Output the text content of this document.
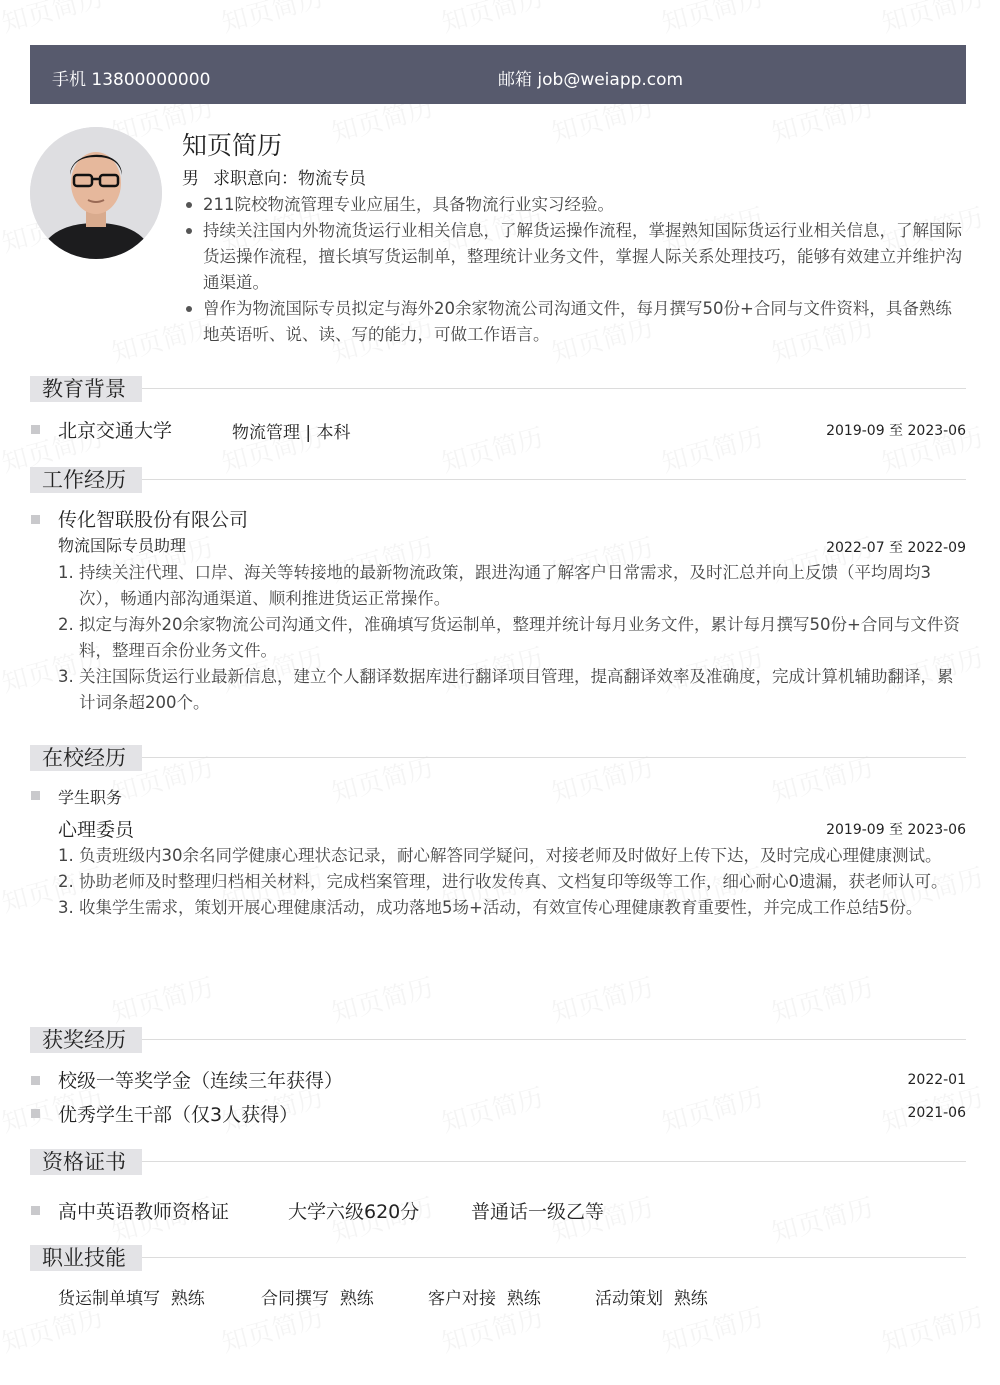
手机 13800000000	邮箱 job@weiapp.com
知页简历
男 求职意向：物流专员
211院校物流管理专业应届生，具备物流行业实习经验。
持续关注国内外物流货运行业相关信息，了解货运操作流程，掌握熟知国际货运行业相关信息，了解国际货运操作流程，擅长填写货运制单，整理统计业务文件，掌握人际关系处理技巧，能够有效建立并维护沟通渠道。
曾作为物流国际专员拟定与海外20余家物流公司沟通文件，每月撰写50份+合同与文件资料，具备熟练地英语听、说、读、写的能力，可做工作语言。
教育背景
北京交通大学	物流管理 | 本科	2019-09 至 2023-06
工作经历
传化智联股份有限公司
物流国际专员助理	2022-07 至 2022-09
1. 持续关注代理、口岸、海关等转接地的最新物流政策，跟进沟通了解客户日常需求，及时汇总并向上反馈（平均周均3次），畅通内部沟通渠道、顺利推进货运正常操作。
2. 拟定与海外20余家物流公司沟通文件，准确填写货运制单，整理并统计每月业务文件，累计每月撰写50份+合同与文件资料，整理百余份业务文件。
3. 关注国际货运行业最新信息，建立个人翻译数据库进行翻译项目管理，提高翻译效率及准确度，完成计算机辅助翻译，累计词条超200个。
在校经历
学生职务
心理委员	2019-09 至 2023-06
1. 负责班级内30余名同学健康心理状态记录，耐心解答同学疑问，对接老师及时做好上传下达，及时完成心理健康测试。
2. 协助老师及时整理归档相关材料，完成档案管理，进行收发传真、文档复印等级等工作，细心耐心0遗漏，获老师认可。
3. 收集学生需求，策划开展心理健康活动，成功落地5场+活动，有效宣传心理健康教育重要性，并完成工作总结5份。
获奖经历
校级一等奖学金（连续三年获得）	2022-01
优秀学生干部（仅3人获得）	2021-06
资格证书
高中英语教师资格证	大学六级620分	普通话一级乙等
职业技能
货运制单填写 熟练	合同撰写 熟练	客户对接 熟练	活动策划 熟练
